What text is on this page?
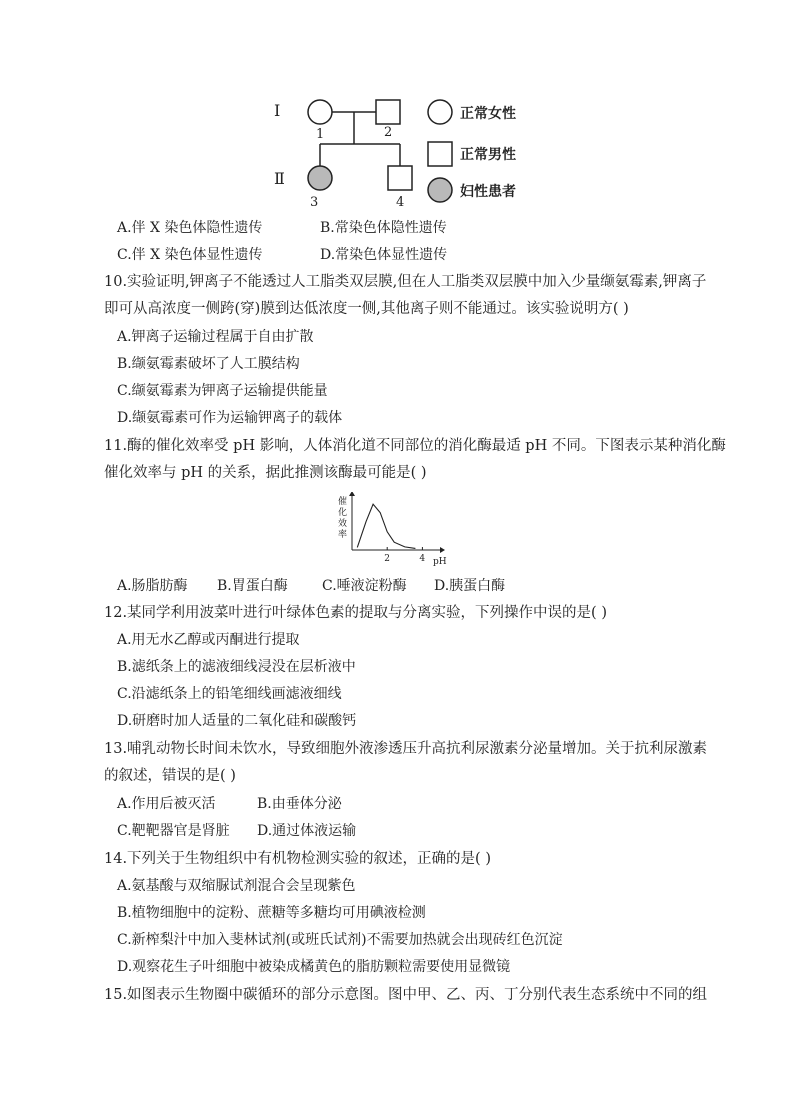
Ⅰ
Ⅱ
1	2
3	4
正常女性
正常男性
妇性患者
A.伴 X 染色体隐性遗传	B.常染色体隐性遗传
C.伴 X 染色体显性遗传	D.常染色体显性遗传
10.实验证明,钾离子不能透过人工脂类双层膜,但在人工脂类双层膜中加入少量缬氨霉素,钾离子
即可从高浓度一侧跨(穿)膜到达低浓度一侧,其他离子则不能通过。该实验说明方( )
A.钾离子运输过程属于自由扩散
B.缬氨霉素破坏了人工膜结构
C.缬氨霉素为钾离子运输提供能量
D.缬氨霉素可作为运输钾离子的载体
11.酶的催化效率受 pH 影响，人体消化道不同部位的消化酶最适 pH 不同。下图表示某种消化酶
催化效率与 pH 的关系，据此推测该酶最可能是( )
催
化
效
率
pH
2	4
A.肠脂肪酶 B.胃蛋白酶 C.唾液淀粉酶 D.胰蛋白酶
12.某同学利用波菜叶进行叶绿体色素的提取与分离实验，下列操作中误的是( )
A.用无水乙醇或丙酮进行提取
B.滤纸条上的滤液细线浸没在层析液中
C.沿滤纸条上的铅笔细线画滤液细线
D.研磨时加人适量的二氧化硅和碳酸钙
13.哺乳动物长时间未饮水，导致细胞外液渗透压升高抗利尿激素分泌量增加。关于抗利尿激素
的叙述，错误的是( )
A.作用后被灭活	B.由垂体分泌
C.靶靶器官是肾脏 D.通过体液运输
14.下列关于生物组织中有机物检测实验的叙述，正确的是( )
A.氨基酸与双缩脲试剂混合会呈现紫色
B.植物细胞中的淀粉、蔗糖等多糖均可用碘液检测
C.新榨梨汁中加入斐林试剂(或班氏试剂)不需要加热就会出现砖红色沉淀
D.观察花生子叶细胞中被染成橘黄色的脂肪颗粒需要使用显微镜
15.如图表示生物圈中碳循环的部分示意图。图中甲、乙、丙、丁分别代表生态系统中不同的组
